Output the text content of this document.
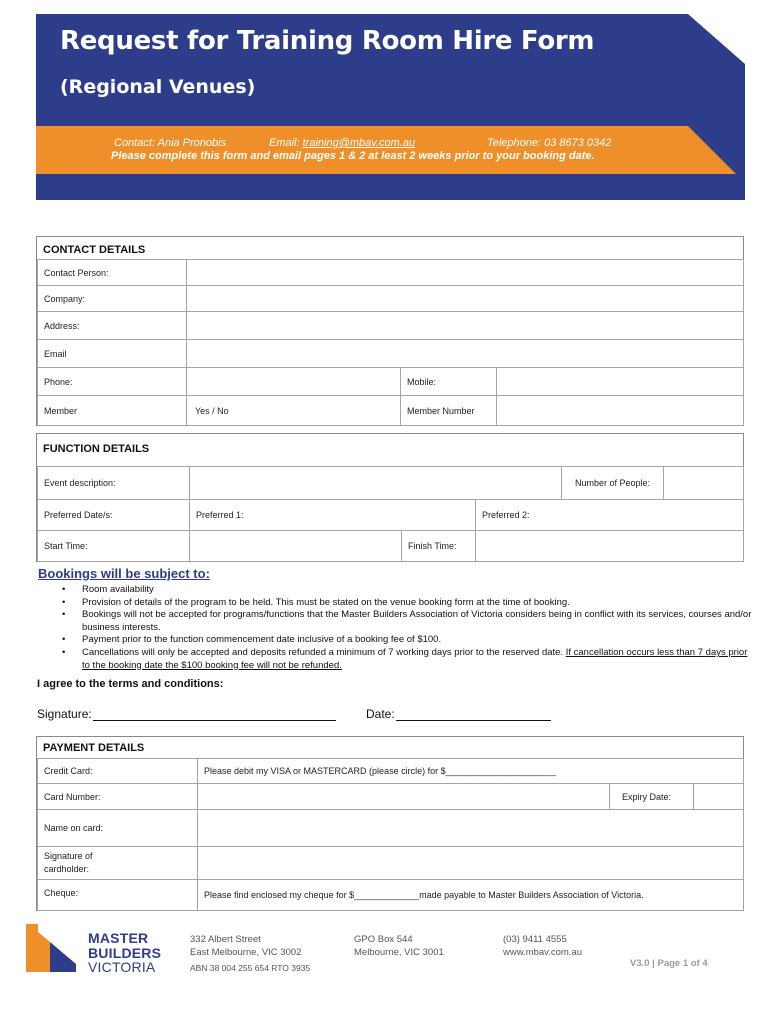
Request for Training Room Hire Form
(Regional Venues)
Contact: Ania Pronobis	Email: training@mbav.com.au	Telephone: 03 8673 0342
Please complete this form and email pages 1 & 2 at least 2 weeks prior to your booking date.
CONTACT DETAILS
Contact Person:
Company:
Address:
Email
Phone:	Mobile:
Member	Yes / No	Member Number
FUNCTION DETAILS
Event description:	Number of People:
Preferred Date/s:	Preferred 1:	Preferred 2:
Start Time:	Finish Time:
Bookings will be subject to:
• Room availability
• Provision of details of the program to be held. This must be stated on the venue booking form at the time of booking.
• Bookings will not be accepted for programs/functions that the Master Builders Association of Victoria considers being in conflict with its services, courses and/or business interests.
• Payment prior to the function commencement date inclusive of a booking fee of $100.
• Cancellations will only be accepted and deposits refunded a minimum of 7 working days prior to the reserved date. If cancellation occurs less than 7 days prior to the booking date the $100 booking fee will not be refunded.
I agree to the terms and conditions:
Signature:	Date:
PAYMENT DETAILS
Credit Card:	Please debit my VISA or MASTERCARD (please circle) for $______________________
Card Number:	Expiry Date:
Name on card:
Signature of
cardholder:
Cheque:	Please find enclosed my cheque for $_____________made payable to Master Builders Association of Victoria.
MASTER
BUILDERS
VICTORIA
332 Albert Street
East Melbourne, VIC 3002
ABN 38 004 255 654 RTO 3935
GPO Box 544
Melbourne, VIC 3001
(03) 9411 4555
www.mbav.com.au
V3.0 | Page 1 of 4
